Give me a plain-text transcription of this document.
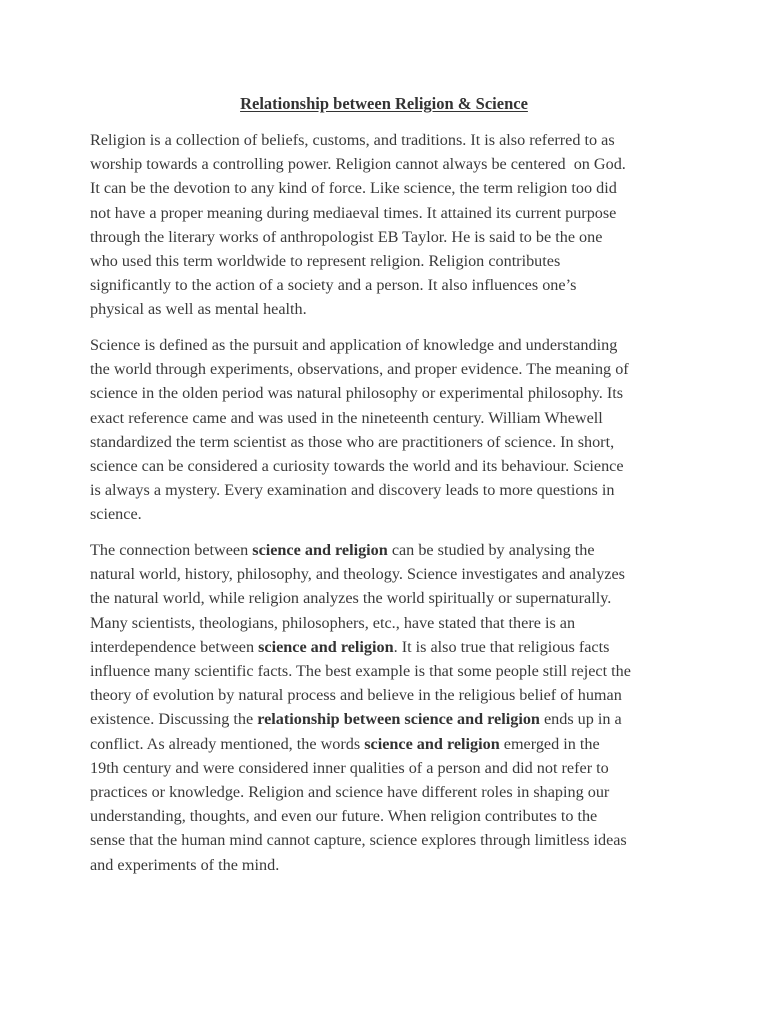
Relationship between Religion & Science

Religion is a collection of beliefs, customs, and traditions. It is also referred to as
worship towards a controlling power. Religion cannot always be centered  on God.
It can be the devotion to any kind of force. Like science, the term religion too did
not have a proper meaning during mediaeval times. It attained its current purpose
through the literary works of anthropologist EB Taylor. He is said to be the one
who used this term worldwide to represent religion. Religion contributes
significantly to the action of a society and a person. It also influences one’s
physical as well as mental health.

Science is defined as the pursuit and application of knowledge and understanding
the world through experiments, observations, and proper evidence. The meaning of
science in the olden period was natural philosophy or experimental philosophy. Its
exact reference came and was used in the nineteenth century. William Whewell
standardized the term scientist as those who are practitioners of science. In short,
science can be considered a curiosity towards the world and its behaviour. Science
is always a mystery. Every examination and discovery leads to more questions in
science.

The connection between science and religion can be studied by analysing the
natural world, history, philosophy, and theology. Science investigates and analyzes
the natural world, while religion analyzes the world spiritually or supernaturally.
Many scientists, theologians, philosophers, etc., have stated that there is an
interdependence between science and religion. It is also true that religious facts
influence many scientific facts. The best example is that some people still reject the
theory of evolution by natural process and believe in the religious belief of human
existence. Discussing the relationship between science and religion ends up in a
conflict. As already mentioned, the words science and religion emerged in the
19th century and were considered inner qualities of a person and did not refer to
practices or knowledge. Religion and science have different roles in shaping our
understanding, thoughts, and even our future. When religion contributes to the
sense that the human mind cannot capture, science explores through limitless ideas
and experiments of the mind.
